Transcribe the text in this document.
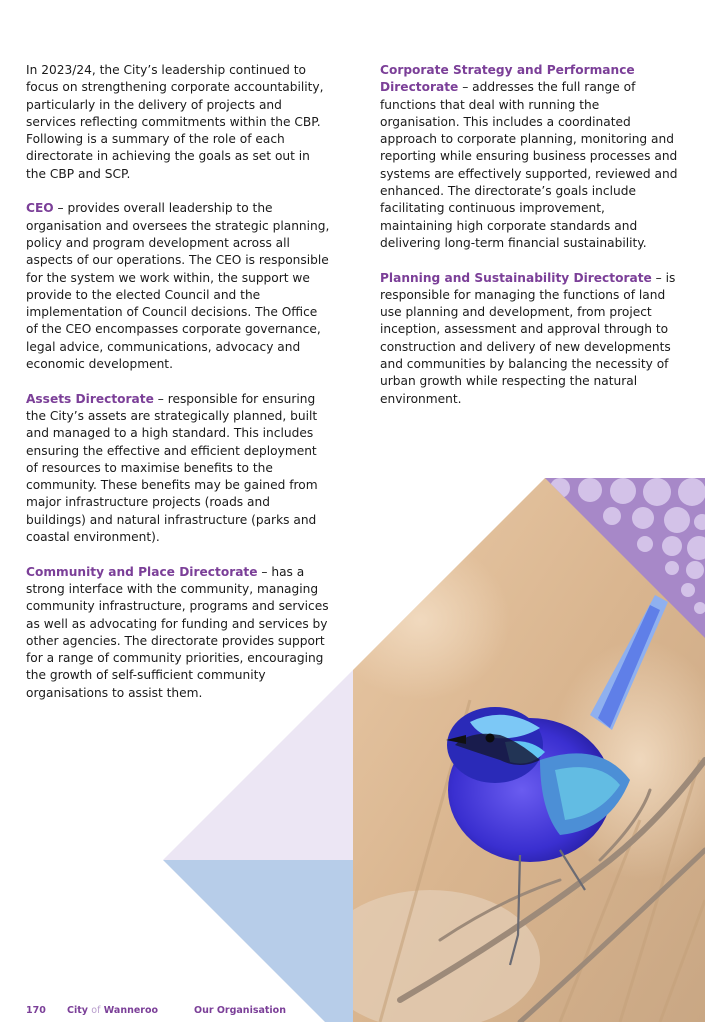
In 2023/24, the City’s leadership continued to focus on strengthening corporate accountability, particularly in the delivery of projects and services reflecting commitments within the CBP. Following is a summary of the role of each directorate in achieving the goals as set out in the CBP and SCP.

CEO – provides overall leadership to the organisation and oversees the strategic planning, policy and program development across all aspects of our operations. The CEO is responsible for the system we work within, the support we provide to the elected Council and the implementation of Council decisions. The Office of the CEO encompasses corporate governance, legal advice, communications, advocacy and economic development.

Assets Directorate – responsible for ensuring the City’s assets are strategically planned, built and managed to a high standard. This includes ensuring the effective and efficient deployment of resources to maximise benefits to the community. These benefits may be gained from major infrastructure projects (roads and buildings) and natural infrastructure (parks and coastal environment).

Community and Place Directorate – has a strong interface with the community, managing community infrastructure, programs and services as well as advocating for funding and services by other agencies. The directorate provides support for a range of community priorities, encouraging the growth of self-sufficient community organisations to assist them.

Corporate Strategy and Performance Directorate – addresses the full range of functions that deal with running the organisation. This includes a coordinated approach to corporate planning, monitoring and reporting while ensuring business processes and systems are effectively supported, reviewed and enhanced. The directorate’s goals include facilitating continuous improvement, maintaining high corporate standards and delivering long-term financial sustainability.

Planning and Sustainability Directorate – is responsible for managing the functions of land use planning and development, from project inception, assessment and approval through to construction and delivery of new developments and communities by balancing the necessity of urban growth while respecting the natural environment.

170 City of Wanneroo	Our Organisation
